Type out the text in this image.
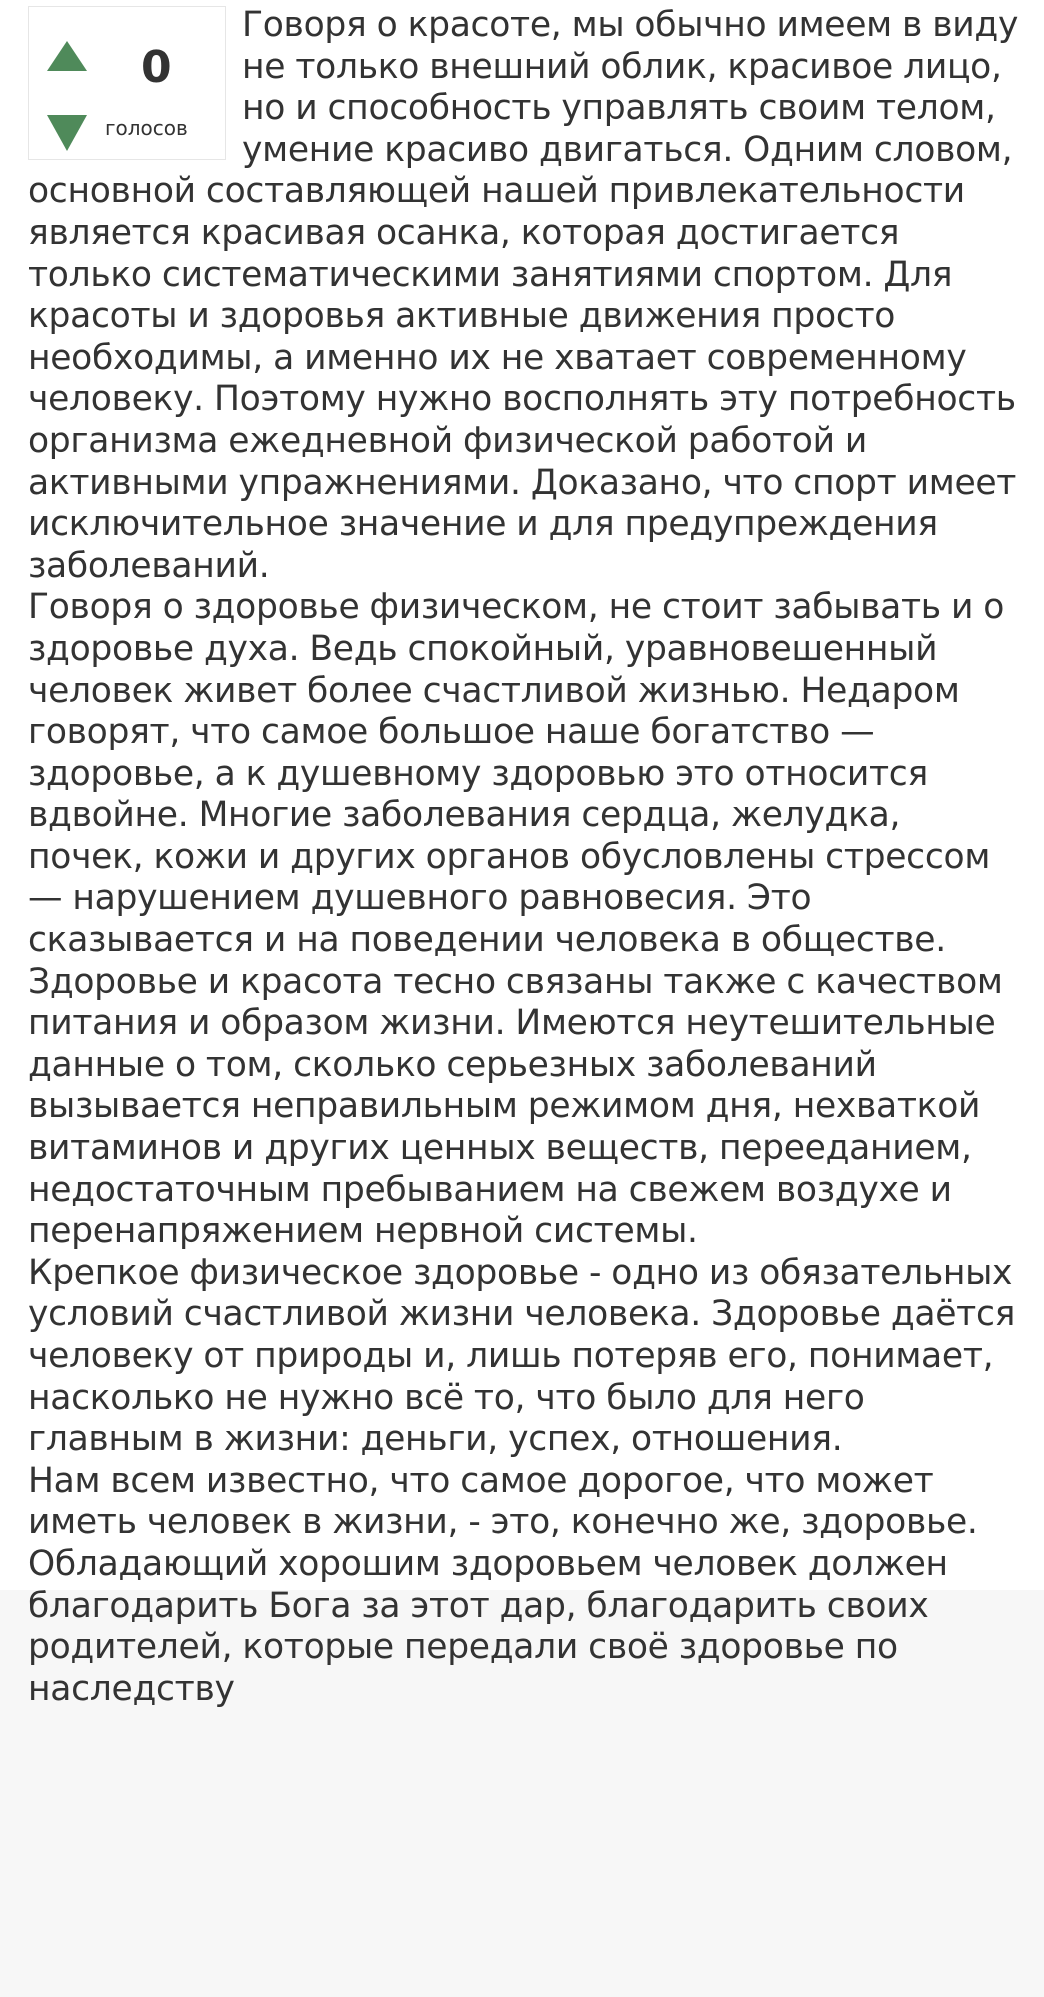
0
голосов

Говоря о красоте, мы обычно имеем в виду не только внешний облик, красивое лицо, но и способность управлять своим телом, умение красиво двигаться. Одним словом, основной составляющей нашей привлекательности является красивая осанка, которая достигается только систематическими занятиями спортом. Для красоты и здоровья активные движения просто необходимы, а именно их не хватает современному человеку. Поэтому нужно восполнять эту потребность организма ежедневной физической работой и активными упражнениями. Доказано, что спорт имеет исключительное значение и для предупреждения заболеваний.

Говоря о здоровье физическом, не стоит забывать и о здоровье духа. Ведь спокойный, уравновешенный человек живет более счастливой жизнью. Недаром говорят, что самое большое наше богатство — здоровье, а к душевному здоровью это относится вдвойне. Многие заболевания сердца, желудка, почек, кожи и других органов обусловлены стрессом — нарушением душевного равновесия. Это сказывается и на поведении человека в обществе.

Здоровье и красота тесно связаны также с качеством питания и образом жизни. Имеются неутешительные данные о том, сколько серьезных заболеваний вызывается неправильным режимом дня, нехваткой витаминов и других ценных веществ, перееданием, недостаточным пребыванием на свежем воздухе и перенапряжением нервной системы.

Крепкое физическое здоровье - одно из обязательных условий счастливой жизни человека. Здоровье даётся человеку от природы и, лишь потеряв его, понимает, насколько не нужно всё то, что было для него главным в жизни: деньги, успех, отношения.

Нам всем известно, что самое дорогое, что может иметь человек в жизни, - это, конечно же, здоровье. Обладающий хорошим здоровьем человек должен благодарить Бога за этот дар, благодарить своих родителей, которые передали своё здоровье по наследству
